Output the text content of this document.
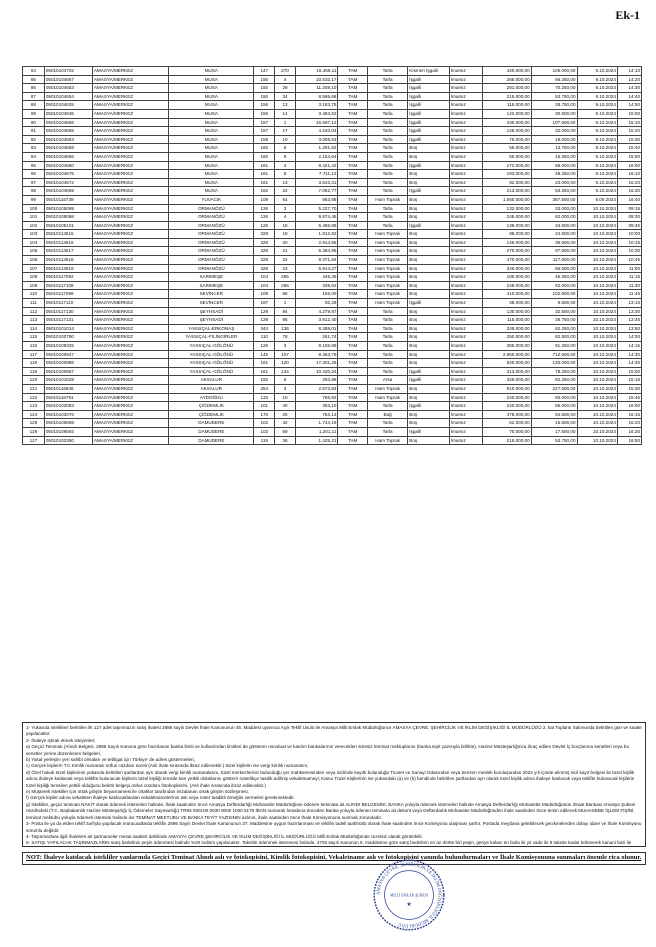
Ek-1
84	05010104702	AMASYA/MERKEZ	MUSA	147	270	16.458,11	TAM	Tarla	Kısmen İşgalli	İmarsız	420.000,00	105.000,00	9.10.2024	14:10
85	05010104667	AMASYA/MERKEZ	MUSA	150	4	10.532,17	TAM	Tarla	İşgalli	İmarsız	265.000,00	66.250,00	9.10.2024	14:20
86	05010104653	AMASYA/MERKEZ	MUSA	150	28	11.208,10	TAM	Tarla	İşgalli	İmarsız	281.000,00	70.250,00	9.10.2024	14:30
87	05010104654	AMASYA/MERKEZ	MUSA	150	34	8.595,68	TAM	Tarla	İşgalli	İmarsız	215.000,00	53.750,00	9.10.2024	14:40
88	05010104635	AMASYA/MERKEZ	MUSA	156	13	3.183,75	TAM	Tarla	İşgalli	İmarsız	115.000,00	28.750,00	9.10.2024	14:50
89	05010104636	AMASYA/MERKEZ	MUSA	156	14	3.483,62	TAM	Tarla	İşgalli	İmarsız	122.000,00	30.500,00	9.10.2024	15:00
90	05010104666	AMASYA/MERKEZ	MUSA	157	1	16.687,12	TAM	Tarla	İşgalli	İmarsız	430.000,00	107.500,00	9.10.2024	15:10
91	05010104665	AMASYA/MERKEZ	MUSA	157	17	4.240,04	TAM	Tarla	İşgalli	İmarsız	128.000,00	32.000,00	9.10.2024	15:20
92	05010104663	AMASYA/MERKEZ	MUSA	159	10	3.009,53	TAM	Tarla	İşgalli	İmarsız	76.000,00	19.000,00	9.10.2024	15:30
93	05010104658	AMASYA/MERKEZ	MUSA	160	6	1.291,62	TAM	Tarla	Boş	İmarsız	55.000,00	13.750,00	9.10.2024	15:40
94	05010104656	AMASYA/MERKEZ	MUSA	160	9	2.154,64	TAM	Tarla	Boş	İmarsız	65.000,00	16.250,00	9.10.2024	15:50
95	05010104660	AMASYA/MERKEZ	MUSA	161	4	8.421,42	TAM	Tarla	İşgalli	İmarsız	272.000,00	68.000,00	9.10.2024	16:00
96	05010104675	AMASYA/MERKEZ	MUSA	161	8	7.711,12	TAM	Tarla	Boş	İmarsız	193.000,00	48.250,00	9.10.2024	16:10
97	05010104672	AMASYA/MERKEZ	MUSA	161	13	3.643,31	TAM	Tarla	Boş	İmarsız	92.000,00	23.000,00	9.10.2024	16:20
98	05010104669	AMASYA/MERKEZ	MUSA	162	22	7.092,77	TAM	Tarla	İşgalli	İmarsız	213.000,00	53.250,00	9.10.2024	16:30
99	05010116739	AMASYA/MERKEZ	YUVACIK	109	64	863,88	TAM	Ham Toprak	Boş	İmarsız	1.550.000,00	387.500,00	9.09.2024	16:40
100	05010105099	AMASYA/MERKEZ	ORMANÖZÜ	126	3	5.227,70	TAM	Tarla	Boş	İmarsız	132.000,00	33.000,00	10.10.2024	09:15
101	05010105098	AMASYA/MERKEZ	ORMANÖZÜ	126	4	9.874,45	TAM	Tarla	Boş	İmarsız	248.000,00	62.000,00	10.10.2024	09:30
102	05010105101	AMASYA/MERKEZ	ORMANÖZÜ	126	15	5.486,86	TAM	Tarla	İşgalli	İmarsız	138.000,00	34.500,00	10.10.2024	09:45
103	05010113615	AMASYA/MERKEZ	ORMANÖZÜ	328	19	1.912,82	TAM	Ham Toprak	Boş	İmarsız	98.000,00	24.500,00	10.10.2024	10:00
104	05010113616	AMASYA/MERKEZ	ORMANÖZÜ	328	20	2.914,55	TAM	Ham Toprak	Boş	İmarsız	146.000,00	36.500,00	10.10.2024	10:15
105	05010113617	AMASYA/MERKEZ	ORMANÖZÜ	328	21	5.394,96	TAM	Ham Toprak	Boş	İmarsız	270.000,00	67.500,00	10.10.2024	10:30
106	05010113618	AMASYA/MERKEZ	ORMANÖZÜ	328	22	9.371,54	TAM	Ham Toprak	Boş	İmarsız	470.000,00	117.500,00	10.10.2024	10:45
107	05010113619	AMASYA/MERKEZ	ORMANÖZÜ	328	23	6.914,27	TAM	Ham Toprak	Boş	İmarsız	346.000,00	86.500,00	10.10.2024	11:00
108	05010117092	AMASYA/MERKEZ	SARIMEŞE	104	265	449,35	TAM	Ham Toprak	Boş	İmarsız	185.000,00	46.250,00	10.10.2024	11:15
109	05010117106	AMASYA/MERKEZ	SARIMEŞE	104	266	339,62	TAM	Ham Toprak	Boş	İmarsız	248.000,00	62.000,00	10.10.2024	11:30
110	05010117096	AMASYA/MERKEZ	SEVİNCER	109	88	155,00	TAM	Ham Toprak	Boş	İmarsız	410.000,00	102.500,00	10.10.2024	11:45
111	05010117110	AMASYA/MERKEZ	SEVİNCER	197	1	92,29	TAM	Ham Toprak	İşgalli	İmarsız	38.000,00	9.500,00	10.10.2024	13:15
112	05010117130	AMASYA/MERKEZ	ŞEYHSADİ	129	94	4.279,87	TAM	Tarla	Boş	İmarsız	130.000,00	32.500,00	10.10.2024	13:30
113	05010117131	AMASYA/MERKEZ	ŞEYHSADİ	129	95	3.812,40	TAM	Tarla	Boş	İmarsız	115.000,00	28.750,00	10.10.2024	13:45
114	05010101014	AMASYA/MERKEZ	YASSIÇAL-ERKONAŞ	344	136	8.288,01	TAM	Tarla	Boş	İmarsız	249.000,00	62.250,00	10.10.2024	13:50
115	05010100790	AMASYA/MERKEZ	YASSIÇAL-FİLİNGİRLER	110	78	261,74	TAM	Tarla	Boş	İmarsız	250.000,00	62.500,00	10.10.2024	14:00
116	05010109325	AMASYA/MERKEZ	YASSIÇAL-GÖLÖNÜ	126	3	9.106,89	TAM	Tarla	Boş	İmarsız	365.000,00	91.250,00	10.10.2024	14:15
117	05010100847	AMASYA/MERKEZ	YASSIÇAL-GÖLÖNÜ	145	107	9.363,79	TAM	Tarla	Boş	İmarsız	2.850.000,00	712.500,00	10.10.2024	14:30
118	05010100986	AMASYA/MERKEZ	YASSIÇAL-GÖLÖNÜ	161	120	17.301,28	TAM	Tarla	Boş	İmarsız	520.000,00	130.000,00	10.10.2024	14:45
119	05010100967	AMASYA/MERKEZ	YASSIÇAL-GÖLÖNÜ	161	134	10.420,24	TAM	Tarla	İşgalli	İmarsız	313.000,00	78.250,00	10.10.2024	15:00
120	05010101529	AMASYA/MERKEZ	AKSALUR	192	6	293,88	TAM	Arsa	İşgalli	İmarsız	329.000,00	82.250,00	10.10.2024	15:15
121	05010116846	AMASYA/MERKEZ	AKSALUR	254	3	2.573,84	TAM	Ham Toprak	Boş	İmarsız	910.000,00	227.500,00	10.10.2024	15:30
122	05010116791	AMASYA/MERKEZ	AYDOĞDU	133	10	766,92	TAM	Ham Toprak	Boş	İmarsız	240.000,00	60.000,00	10.10.2024	15:45
123	05010103083	AMASYA/MERKEZ	ÇİĞDEMLİK	101	40	353,10	TAM	Tarla	İşgalli	İmarsız	220.000,00	55.000,00	10.10.2024	16:00
124	05010103076	AMASYA/MERKEZ	ÇİĞDEMLİK	170	25	753,14	TAM	Bağ	Boş	İmarsız	378.000,00	94.500,00	10.10.2024	16:15
125	05010106568	AMASYA/MERKEZ	DAMUDERE	102	42	1.744,19	TAM	Tarla	Boş	İmarsız	62.000,00	15.500,00	10.10.2024	16:20
126	05010106592	AMASYA/MERKEZ	DAMUDERE	102	59	1.201,11	TAM	Tarla	İşgalli	İmarsız	70.000,00	17.500,00	10.10.2024	16:30
127	05010103350	AMASYA/MERKEZ	DAMUDERE	119	36	1.425,21	TAM	Ham Toprak	Boş	İmarsız	215.000,00	53.750,00	10.10.2024	16:50

1- Yukarıda nitelikleri belirtilen ilk 127 adet taşınmazın satış ihalesi 2886 sayılı Devlet İhale Kanununun 45. Maddesi uyarınca Açık Teklif Usulü ile Amasya Milli Emlak Müdürlüğünce AMASYA ÇEVRE, ŞEHİRCİLİK VE İKLİM DEĞİŞİKLİĞİ İL MÜDÜRLÜĞÜ 2. kat Toplantı Salonunda belirtilen gün ve saatte yapılacaktır.

2- İhaleye iştirak etmek isteyenler;

a) Geçici Teminatı (Alındı Belgesi, 2886 Sayılı Kanuna göre hazırlanan banka limiti ve kullanılırdan limitleri de gösteren mevduat ve katılım bankalarının verecekleri süresiz teminat mektuplarını (banka teyit yazısıyla birlikte), Hazine Müsteşarlığınca ihraç edilen Devlet İç borçlanma senetleri veya bu senetler yerine düzenlenen belgeleri,

b) Yasal yerleşim yeri sahibi olmaları ve tebligat için Türkiye' de adres göstermeleri,

c) Gerçek kişilerin T.C Kimlik numarası nüfus cüzdanı sureti (Aslı ihale sırasında ibraz edilecektir.) tüzel kişilerin ise vergi kimlik numarasını,

d) Özel hukuk tüzel kişilerinin yukarıda belirtilen şartlardan ayrı olarak vergi kimlik numaralarını, tüzel merkezlerinin bulunduğu yer mahkemesinden veya sicilinde kayıtlı bulunduğu Ticaret ve Sanayi Odasından veya benzeri meslek kuruluşundan 2024 yılı içinde alınmış sicil kayıt belgesi ile tüzel kişilik adına ihaleye katılacak veya teklifte bulunacak kişilerin tüzel kişiliği temsile tam yetkili olduklarını gösterir noterlikçe tasdik edilmiş vekaletnameyi; Kamu Tüzel Kişilerinin ise yukarıdaki (a) ve (b) bendinde belirtilen şartlardan ayrı olarak tüzel kişilik adına ihaleye katılacak veya teklifte bulunacak kişilerin tüzel kişiliği temsilen yetkili olduğunu belirtir belgeyi,nüfus cüzdanı fotokopilerini, (Aslı ihale sırasında ibraz edilecektir.)

e) Müşterek istekliler için ortak girişim beyannamesi ile ortaklar tarafından imzalanan ortak girişim sözleşmesi,

f) Gerçek kişiler adına vekaleten ihaleye katılacaklardan vekaletnamelerinin aslı veya noter tasdikli örneğini vermeleri gerekmektedir.

g) İstekliler, geçici teminatı NAKİT olarak ödemek istemeleri halinde, ihale saatinden önce Amasya Defterdarlığı Muhasebe Müdürlüğüne ödenen teminata ait ALINDI BELGESİNİ, BANKA yoluyla ödemek istemeleri halinde Amasya Defterdarlığı Muhasebe Müdürlüğünün Ziraat Bankası Amasya Şubesi nezdindeki (T.C. Başbakanlık Hazine Müsteşarlığı İç Ödemeler Saymanlığı) TR93 000100 0030 0000 1000 5170 İBAN numaralı hesabına önceden Banka yoluyla ödenen teminata ait dekont veya Defterdarlık Muhasebe Müdürlüğünden ihale saatinden önce temin edilecek MUHASEBE İŞLEM FİŞİNİ, teminat mektubu yoluyla ödemek istemesi halinde ise TEMİNAT MEKTUBU VE BANKA TEYİT YAZISININ aslının, ihale saatinden önce İhale Komisyonuna sunmak zorundadır.

3- Posta ile ya da elden teklif zarfıyla yapılacak müracaatlarda teklifin 2886 Sayılı Devlet İhale Kanununun 37. Maddesine uygun hazırlanması ve teklifin ladeli taahhütlü olarak ihale saatinden önce Komisyona ulaşması şarttır. Postada meydana gelebilecek gecikmelerden dolayı idare ve İhale Komisyonu sorumlu değildir.

4- Taşınmazlara ilgili ihalelere ait şartnameler mesai saatleri dahilinde AMASYA ÇEVRE,ŞEHİRCİLİK VE İKLİM DEĞİŞİKLİĞİ İL MÜDÜRLÜĞÜ Milli Emlak Müdürlüğünde ücretsiz olarak görülebilir.

5- SATIŞI YAPILACAK TAŞINMAZLARIN satış bedelinin peşin ödenmesi halinde %20 indirim yapılacaktır. Taksitle ödenmek istenmesi halinde, 4706 sayılı Kanunun 5. maddesine göre satış bedelinin en az dörtte biri peşin, geriye kalanı en fazla iki yıl vade ile 8 taksite kadar bölünerek kanuni faizi ile

NOT: İhaleye katılacak istekliler yanlarında Geçici Teminat Alındı aslı ve fotokopisini, Kimlik fotokopisini, Vekaletname aslı ve fotokopisini yanında bulundurmaları ve İhale Komisyonuna sunmaları önemle rica olunur.
AMASYA ÇEVRE, ŞEHİRCİLİK VE İKLİM DEĞİŞİKLİĞİ İL MÜDÜRLÜĞÜ
MİLLİ EMLAK ŞUBESİ
★
